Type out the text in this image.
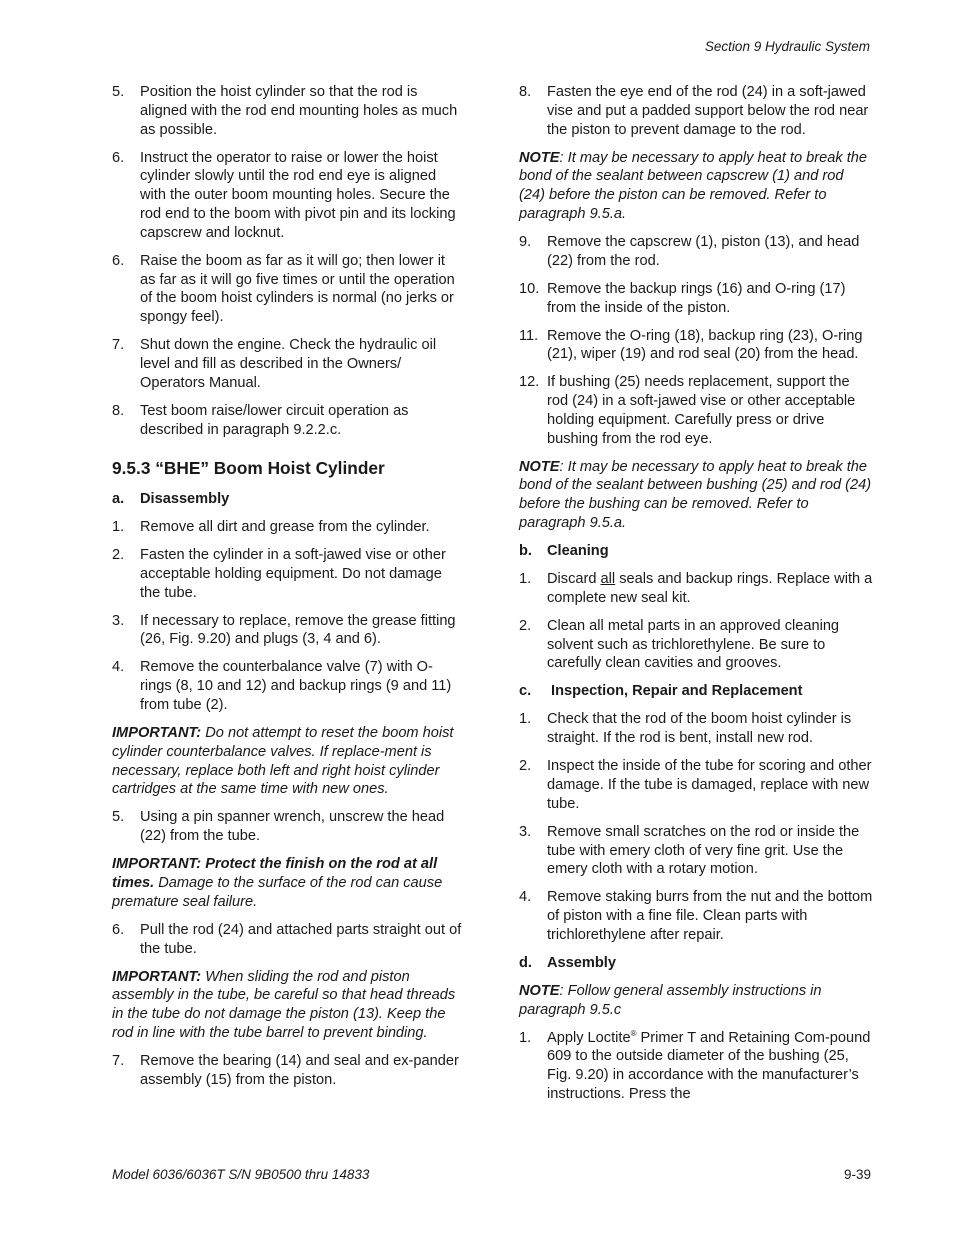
Section 9 Hydraulic System
5. Position the hoist cylinder so that the rod is aligned with the rod end mounting holes as much as possible.
6. Instruct the operator to raise or lower the hoist cylinder slowly until the rod end eye is aligned with the outer boom mounting holes. Secure the rod end to the boom with pivot pin and its locking capscrew and locknut.
6. Raise the boom as far as it will go; then lower it as far as it will go five times or until the operation of the boom hoist cylinders is normal (no jerks or spongy feel).
7. Shut down the engine. Check the hydraulic oil level and fill as described in the Owners/ Operators Manual.
8. Test boom raise/lower circuit operation as described in paragraph 9.2.2.c.
9.5.3 “BHE” Boom Hoist Cylinder
a. Disassembly
1. Remove all dirt and grease from the cylinder.
2. Fasten the cylinder in a soft-jawed vise or other acceptable holding equipment. Do not damage the tube.
3. If necessary to replace, remove the grease fitting (26, Fig. 9.20) and plugs (3, 4 and 6).
4. Remove the counterbalance valve (7) with O-rings (8, 10 and 12) and backup rings (9 and 11) from tube (2).
IMPORTANT: Do not attempt to reset the boom hoist cylinder counterbalance valves. If replace-ment is necessary, replace both left and right hoist cylinder cartridges at the same time with new ones.
5. Using a pin spanner wrench, unscrew the head (22) from the tube.
IMPORTANT: Protect the finish on the rod at all times. Damage to the surface of the rod can cause premature seal failure.
6. Pull the rod (24) and attached parts straight out of the tube.
IMPORTANT: When sliding the rod and piston assembly in the tube, be careful so that head threads in the tube do not damage the piston (13). Keep the rod in line with the tube barrel to prevent binding.
7. Remove the bearing (14) and seal and ex-pander assembly (15) from the piston.
8. Fasten the eye end of the rod (24) in a soft-jawed vise and put a padded support below the rod near the piston to prevent damage to the rod.
NOTE: It may be necessary to apply heat to break the bond of the sealant between capscrew (1) and rod (24) before the piston can be removed. Refer to paragraph 9.5.a.
9. Remove the capscrew (1), piston (13), and head (22) from the rod.
10. Remove the backup rings (16) and O-ring (17) from the inside of the piston.
11. Remove the O-ring (18), backup ring (23), O-ring (21), wiper (19) and rod seal (20) from the head.
12. If bushing (25) needs replacement, support the rod (24) in a soft-jawed vise or other acceptable holding equipment. Carefully press or drive bushing from the rod eye.
NOTE: It may be necessary to apply heat to break the bond of the sealant between bushing (25) and rod (24) before the bushing can be removed. Refer to paragraph 9.5.a.
b. Cleaning
1. Discard all seals and backup rings. Replace with a complete new seal kit.
2. Clean all metal parts in an approved cleaning solvent such as trichlorethylene. Be sure to carefully clean cavities and grooves.
c. Inspection, Repair and Replacement
1. Check that the rod of the boom hoist cylinder is straight. If the rod is bent, install new rod.
2. Inspect the inside of the tube for scoring and other damage. If the tube is damaged, replace with new tube.
3. Remove small scratches on the rod or inside the tube with emery cloth of very fine grit. Use the emery cloth with a rotary motion.
4. Remove staking burrs from the nut and the bottom of piston with a fine file. Clean parts with trichlorethylene after repair.
d. Assembly
NOTE: Follow general assembly instructions in paragraph 9.5.c
1. Apply Loctite® Primer T and Retaining Com-pound 609 to the outside diameter of the bushing (25, Fig. 9.20) in accordance with the manufacturer’s instructions. Press the
Model 6036/6036T S/N 9B0500 thru 14833	9-39
